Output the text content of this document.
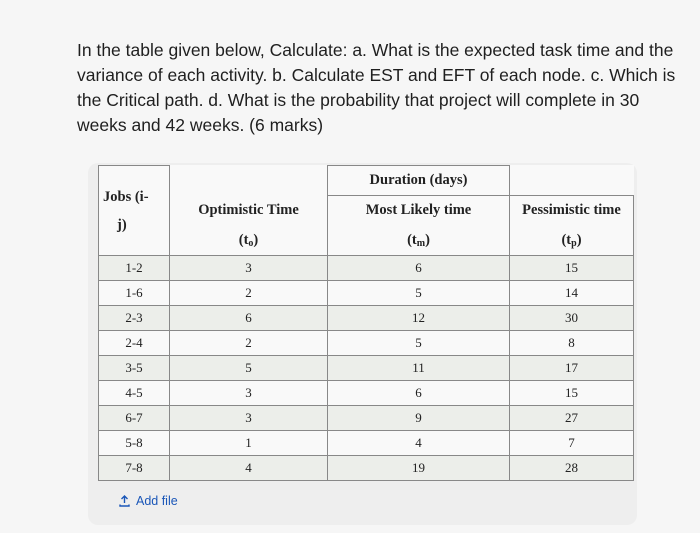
In the table given below, Calculate: a. What is the expected task time and the variance of each activity. b. Calculate EST and EFT of each node. c. Which is the Critical path. d. What is the probability that project will complete in 30 weeks and 42 weeks. (6 marks)
Jobs (i-
j)		Duration (days)	
	Optimistic Time	Most Likely time	Pessimistic time
	$(t_o)$	$(t_m)$	$(t_p)$
1-2	3	6	15
1-6	2	5	14
2-3	6	12	30
2-4	2	5	8
3-5	5	11	17
4-5	3	6	15
6-7	3	9	27
5-8	1	4	7
7-8	4	19	28
Add file
